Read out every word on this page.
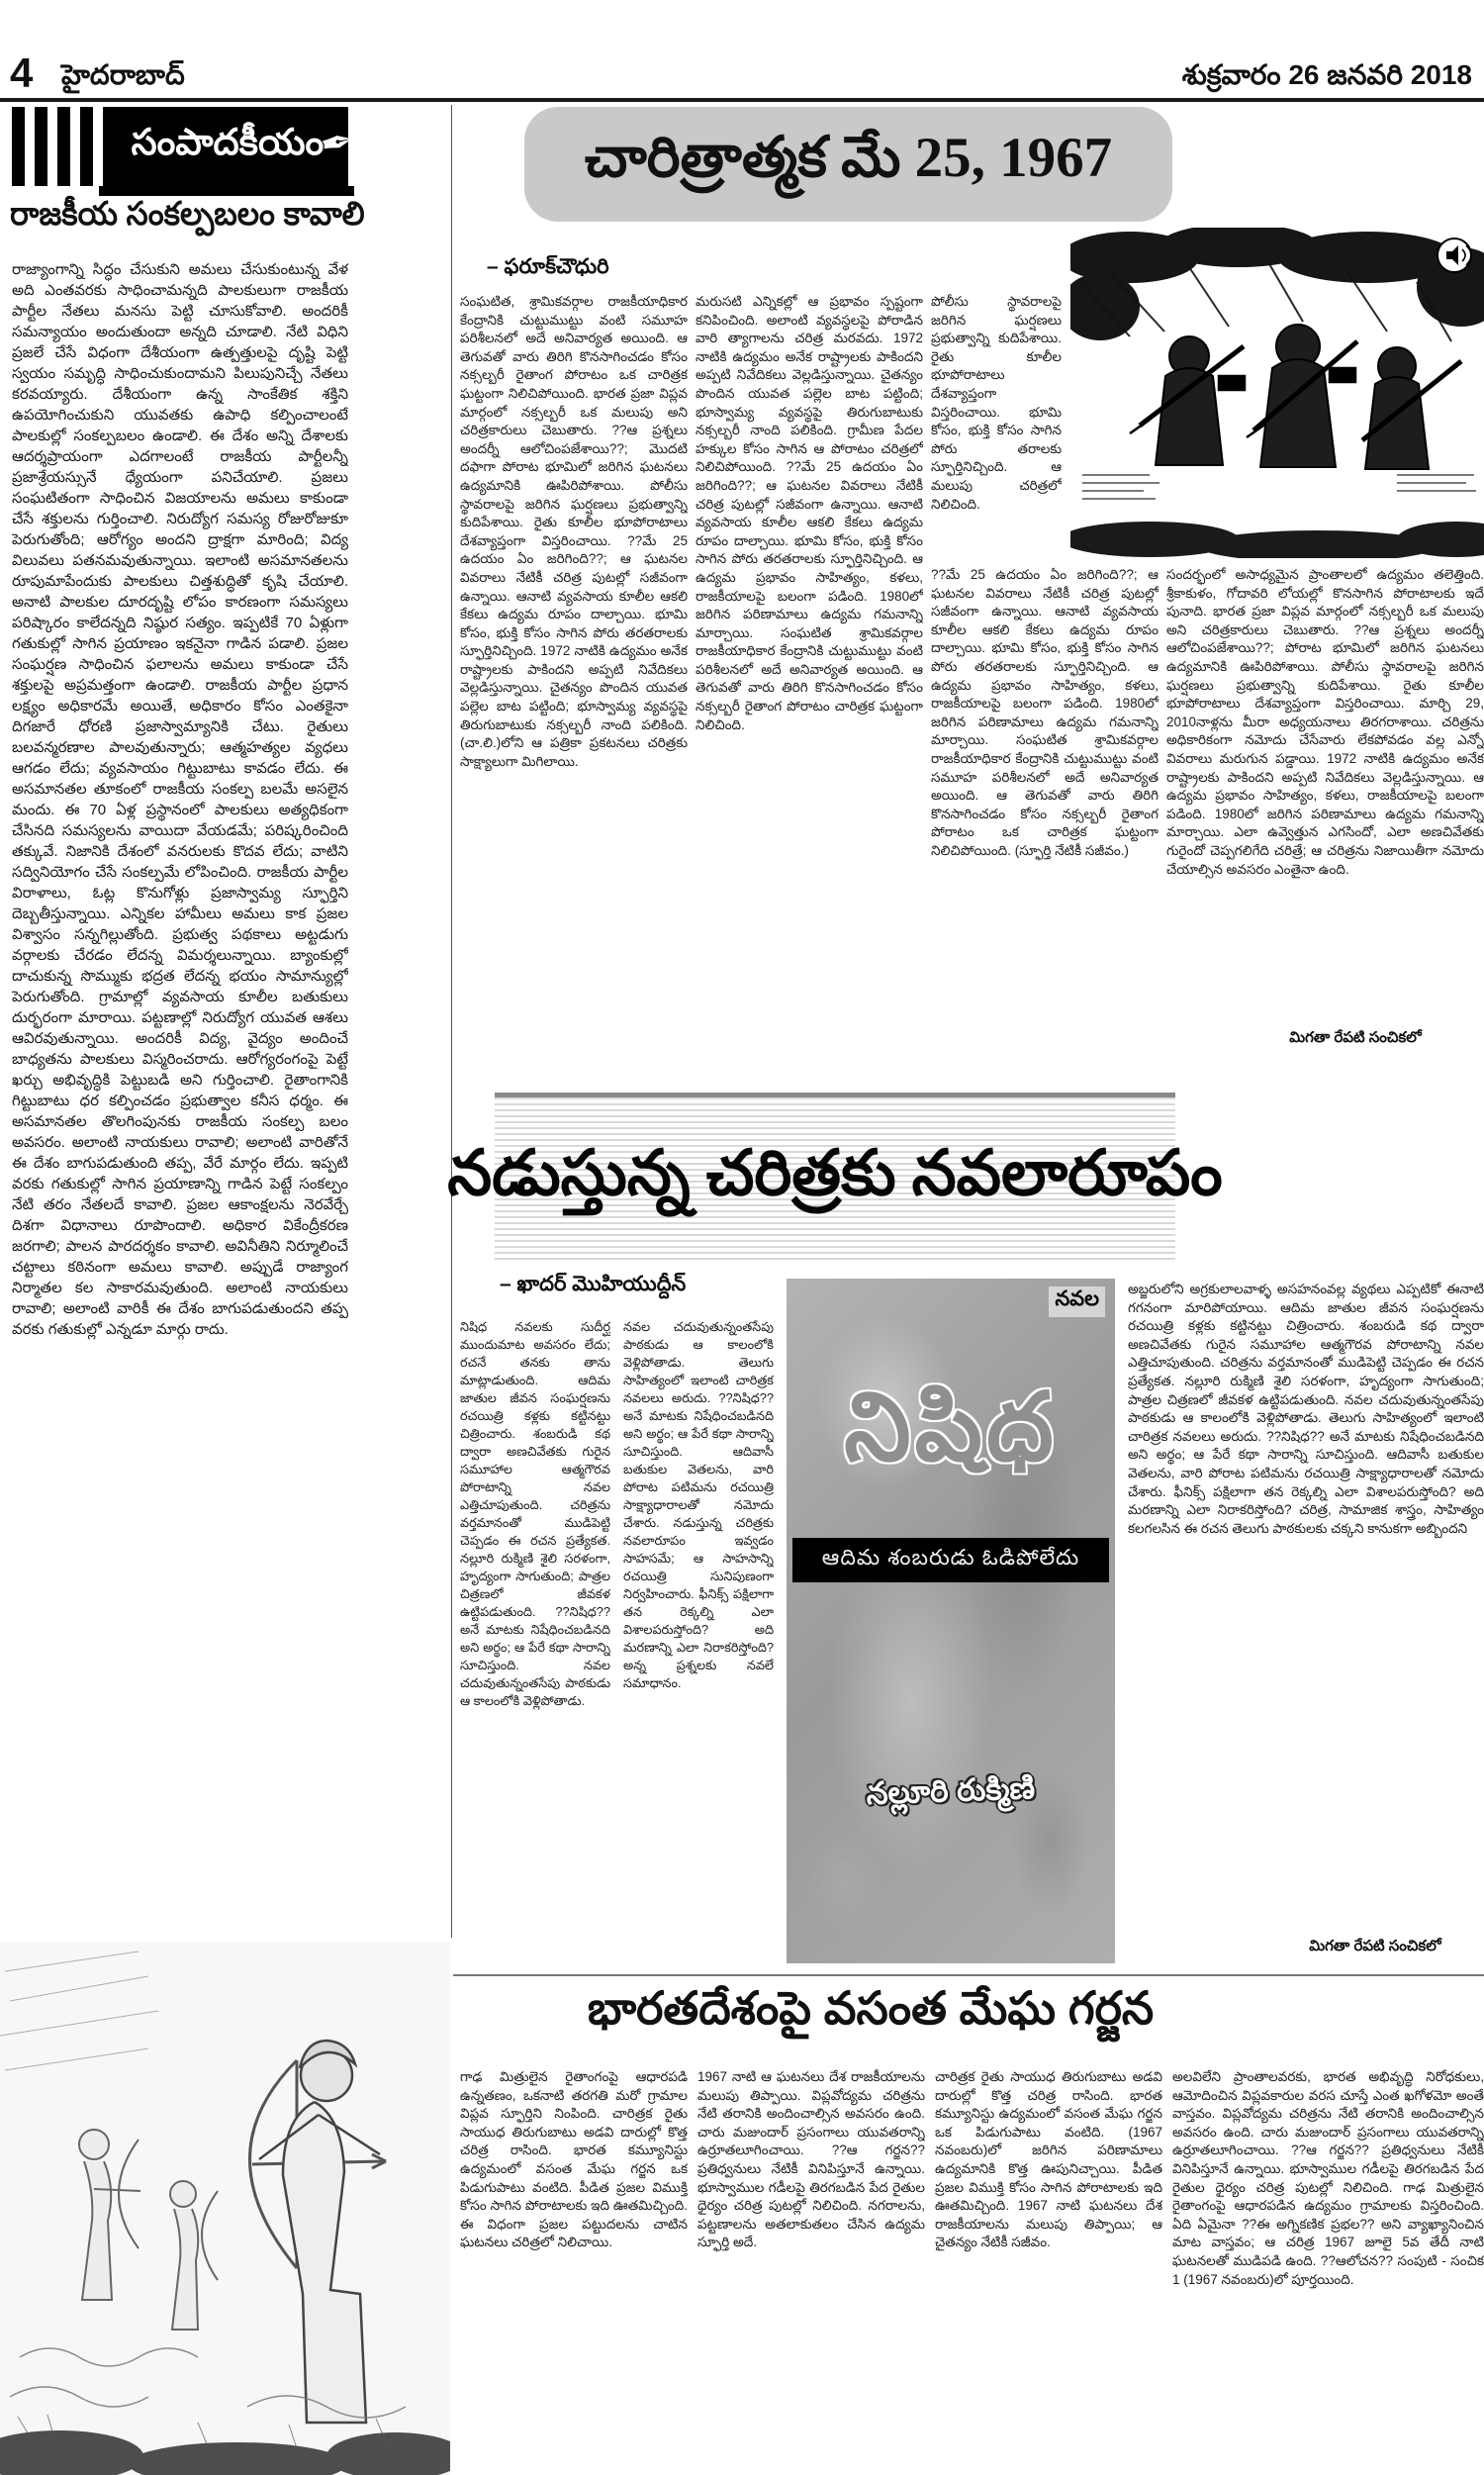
4 హైదరాబాద్	శుక్రవారం 26 జనవరి 2018
సంపాదకీయం
✒
రాజకీయ సంకల్పబలం కావాలి
రాజ్యాంగాన్ని సిద్ధం చేసుకుని అమలు చేసుకుంటున్న వేళ అది ఎంతవరకు సాధించామన్నది పాలకులుగా రాజకీయ పార్టీల నేతలు మనసు పెట్టి చూసుకోవాలి. అందరికీ సమన్యాయం అందుతుందా అన్నది చూడాలి. నేటి విధిని ప్రజలే చేసే విధంగా దేశీయంగా ఉత్పత్తులపై దృష్టి పెట్టి స్వయం సమృద్ధి సాధించుకుందామని పిలుపునిచ్చే నేతలు కరవయ్యారు. దేశీయంగా ఉన్న సాంకేతిక శక్తిని ఉపయోగించుకుని యువతకు ఉపాధి కల్పించాలంటే పాలకుల్లో సంకల్పబలం ఉండాలి. ఈ దేశం అన్ని దేశాలకు ఆదర్శప్రాయంగా ఎదగాలంటే రాజకీయ పార్టీలన్నీ ప్రజాశ్రేయస్సునే ధ్యేయంగా పనిచేయాలి. ప్రజలు సంఘటితంగా సాధించిన విజయాలను అమలు కాకుండా చేసే శక్తులను గుర్తించాలి. నిరుద్యోగ సమస్య రోజురోజుకూ పెరుగుతోంది; ఆరోగ్యం అందని ద్రాక్షగా మారింది; విద్య విలువలు పతనమవుతున్నాయి. ఇలాంటి అసమానతలను రూపుమాపేందుకు పాలకులు చిత్తశుద్ధితో కృషి చేయాలి. అనాటి పాలకుల దూరదృష్టి లోపం కారణంగా సమస్యలు పరిష్కారం కాలేదన్నది నిష్ఠుర సత్యం. ఇప్పటికే 70 ఏళ్లుగా గతుకుల్లో సాగిన ప్రయాణం ఇకనైనా గాడిన పడాలి. ప్రజల సంఘర్షణ సాధించిన ఫలాలను అమలు కాకుండా చేసే శక్తులపై అప్రమత్తంగా ఉండాలి. రాజకీయ పార్టీల ప్రధాన లక్ష్యం అధికారమే అయితే, అధికారం కోసం ఎంతకైనా దిగజారే ధోరణి ప్రజాస్వామ్యానికి చేటు. రైతులు బలవన్మరణాల పాలవుతున్నారు; ఆత్మహత్యల వ్యధలు ఆగడం లేదు; వ్యవసాయం గిట్టుబాటు కావడం లేదు. ఈ అసమానతల తూకంలో రాజకీయ సంకల్ప బలమే అసలైన మందు. ఈ 70 ఏళ్ల ప్రస్థానంలో పాలకులు అత్యధికంగా చేసినది సమస్యలను వాయిదా వేయడమే; పరిష్కరించింది తక్కువే. నిజానికి దేశంలో వనరులకు కొదవ లేదు; వాటిని సద్వినియోగం చేసే సంకల్పమే లోపించింది. రాజకీయ పార్టీల విరాళాలు, ఓట్ల కొనుగోళ్లు ప్రజాస్వామ్య స్ఫూర్తిని దెబ్బతీస్తున్నాయి. ఎన్నికల హామీలు అమలు కాక ప్రజల విశ్వాసం సన్నగిల్లుతోంది. ప్రభుత్వ పథకాలు అట్టడుగు వర్గాలకు చేరడం లేదన్న విమర్శలున్నాయి. బ్యాంకుల్లో దాచుకున్న సొమ్ముకు భద్రత లేదన్న భయం సామాన్యుల్లో పెరుగుతోంది. గ్రామాల్లో వ్యవసాయ కూలీల బతుకులు దుర్భరంగా మారాయి. పట్టణాల్లో నిరుద్యోగ యువత ఆశలు ఆవిరవుతున్నాయి. అందరికీ విద్య, వైద్యం అందించే బాధ్యతను పాలకులు విస్మరించరాదు. ఆరోగ్యరంగంపై పెట్టే ఖర్చు అభివృద్ధికి పెట్టుబడి అని గుర్తించాలి. రైతాంగానికి గిట్టుబాటు ధర కల్పించడం ప్రభుత్వాల కనీస ధర్మం. ఈ అసమానతల తొలగింపునకు రాజకీయ సంకల్ప బలం అవసరం. అలాంటి నాయకులు రావాలి; అలాంటి వారితోనే ఈ దేశం బాగుపడుతుంది తప్ప, వేరే మార్గం లేదు. ఇప్పటి వరకు గతుకుల్లో సాగిన ప్రయాణాన్ని గాడిన పెట్టే సంకల్పం నేటి తరం నేతలదే కావాలి. ప్రజల ఆకాంక్షలను నెరవేర్చే దిశగా విధానాలు రూపొందాలి. అధికార వికేంద్రీకరణ జరగాలి; పాలన పారదర్శకం కావాలి. అవినీతిని నిర్మూలించే చట్టాలు కఠినంగా అమలు కావాలి. అప్పుడే రాజ్యాంగ నిర్మాతల కల సాకారమవుతుంది. అలాంటి నాయకులు రావాలి; అలాంటి వారికీ ఈ దేశం బాగుపడుతుందని తప్ప వరకు గతుకుల్లో ఎన్నడూ మార్గు రాదు.
చారిత్రాత్మక మే 25, 1967
– ఫరూక్‌చౌధురి
సంఘటిత, శ్రామికవర్గాల రాజకీయాధికార కేంద్రానికి చుట్టుముట్టు వంటి సమూహ పరిశీలనలో అదే అనివార్యత అయింది. ఆ తెగువతో వారు తిరిగి కొనసాగించడం కోసం నక్సల్బరీ రైతాంగ పోరాటం ఒక చారిత్రక ఘట్టంగా నిలిచిపోయింది. భారత ప్రజా విప్లవ మార్గంలో నక్సల్బరీ ఒక మలుపు అని చరిత్రకారులు చెబుతారు. ??ఆ ప్రశ్నలు అందర్నీ ఆలోచింపజేశాయి??; మొదటి దఫాగా పోరాట భూమిలో జరిగిన ఘటనలు ఉద్యమానికి ఊపిరిపోశాయి. పోలీసు స్థావరాలపై జరిగిన ఘర్షణలు ప్రభుత్వాన్ని కుదిపేశాయి. రైతు కూలీల భూపోరాటాలు దేశవ్యాప్తంగా విస్తరించాయి. ??మే 25 ఉదయం ఏం జరిగింది??; ఆ ఘటనల వివరాలు నేటికీ చరిత్ర పుటల్లో సజీవంగా ఉన్నాయి. ఆనాటి వ్యవసాయ కూలీల ఆకలి కేకలు ఉద్యమ రూపం దాల్చాయి. భూమి కోసం, భుక్తి కోసం సాగిన పోరు తరతరాలకు స్ఫూర్తినిచ్చింది. 1972 నాటికి ఉద్యమం అనేక రాష్ట్రాలకు పాకిందని అప్పటి నివేదికలు వెల్లడిస్తున్నాయి. చైతన్యం పొందిన యువత పల్లెల బాట పట్టింది; భూస్వామ్య వ్యవస్థపై తిరుగుబాటుకు నక్సల్బరీ నాంది పలికింది. (చా.లి.)లోని ఆ పత్రికా ప్రకటనలు చరిత్రకు సాక్ష్యాలుగా మిగిలాయి.
మరుసటి ఎన్నికల్లో ఆ ప్రభావం స్పష్టంగా కనిపించింది. అలాంటి వ్యవస్థలపై పోరాడిన వారి త్యాగాలను చరిత్ర మరవదు. 1972 నాటికి ఉద్యమం అనేక రాష్ట్రాలకు పాకిందని అప్పటి నివేదికలు వెల్లడిస్తున్నాయి. చైతన్యం పొందిన యువత పల్లెల బాట పట్టింది; భూస్వామ్య వ్యవస్థపై తిరుగుబాటుకు నక్సల్బరీ నాంది పలికింది. గ్రామీణ పేదల హక్కుల కోసం సాగిన ఆ పోరాటం చరిత్రలో నిలిచిపోయింది. ??మే 25 ఉదయం ఏం జరిగింది??; ఆ ఘటనల వివరాలు నేటికీ చరిత్ర పుటల్లో సజీవంగా ఉన్నాయి. ఆనాటి వ్యవసాయ కూలీల ఆకలి కేకలు ఉద్యమ రూపం దాల్చాయి. భూమి కోసం, భుక్తి కోసం సాగిన పోరు తరతరాలకు స్ఫూర్తినిచ్చింది. ఆ ఉద్యమ ప్రభావం సాహిత్యం, కళలు, రాజకీయాలపై బలంగా పడింది. 1980లో జరిగిన పరిణామాలు ఉద్యమ గమనాన్ని మార్చాయి. సంఘటిత శ్రామికవర్గాల రాజకీయాధికార కేంద్రానికి చుట్టుముట్టు వంటి పరిశీలనలో అదే అనివార్యత అయింది. ఆ తెగువతో వారు తిరిగి కొనసాగించడం కోసం నక్సల్బరీ రైతాంగ పోరాటం చారిత్రక ఘట్టంగా నిలిచింది.
పోలీసు స్థావరాలపై జరిగిన ఘర్షణలు ప్రభుత్వాన్ని కుదిపేశాయి. రైతు కూలీల భూపోరాటాలు దేశవ్యాప్తంగా విస్తరించాయి. భూమి కోసం, భుక్తి కోసం సాగిన పోరు తరాలకు స్ఫూర్తినిచ్చింది. ఆ మలుపు చరిత్రలో నిలిచింది.
??మే 25 ఉదయం ఏం జరిగింది??; ఆ ఘటనల వివరాలు నేటికీ చరిత్ర పుటల్లో సజీవంగా ఉన్నాయి. ఆనాటి వ్యవసాయ కూలీల ఆకలి కేకలు ఉద్యమ రూపం దాల్చాయి. భూమి కోసం, భుక్తి కోసం సాగిన పోరు తరతరాలకు స్ఫూర్తినిచ్చింది. ఆ ఉద్యమ ప్రభావం సాహిత్యం, కళలు, రాజకీయాలపై బలంగా పడింది. 1980లో జరిగిన పరిణామాలు ఉద్యమ గమనాన్ని మార్చాయి. సంఘటిత శ్రామికవర్గాల రాజకీయాధికార కేంద్రానికి చుట్టుముట్టు వంటి సమూహ పరిశీలనలో అదే అనివార్యత అయింది. ఆ తెగువతో వారు తిరిగి కొనసాగించడం కోసం నక్సల్బరీ రైతాంగ పోరాటం ఒక చారిత్రక ఘట్టంగా నిలిచిపోయింది. (స్ఫూర్తి నేటికీ సజీవం.)
సందర్భంలో అసాధ్యమైన ప్రాంతాలలో ఉద్యమం తలెత్తింది. శ్రీకాకుళం, గోదావరి లోయల్లో కొనసాగిన పోరాటాలకు ఇదే పునాది. భారత ప్రజా విప్లవ మార్గంలో నక్సల్బరీ ఒక మలుపు అని చరిత్రకారులు చెబుతారు. ??ఆ ప్రశ్నలు అందర్నీ ఆలోచింపజేశాయి??; పోరాట భూమిలో జరిగిన ఘటనలు ఉద్యమానికి ఊపిరిపోశాయి. పోలీసు స్థావరాలపై జరిగిన ఘర్షణలు ప్రభుత్వాన్ని కుదిపేశాయి. రైతు కూలీల భూపోరాటాలు దేశవ్యాప్తంగా విస్తరించాయి. మార్చి 29, 2010నాళ్లను మీరా అధ్యయనాలు తిరగరాశాయి. చరిత్రను అధికారికంగా నమోదు చేసేవారు లేకపోవడం వల్ల ఎన్నో వివరాలు మరుగున పడ్డాయి. 1972 నాటికి ఉద్యమం అనేక రాష్ట్రాలకు పాకిందని అప్పటి నివేదికలు వెల్లడిస్తున్నాయి. ఆ ఉద్యమ ప్రభావం సాహిత్యం, కళలు, రాజకీయాలపై బలంగా పడింది. 1980లో జరిగిన పరిణామాలు ఉద్యమ గమనాన్ని మార్చాయి. ఎలా ఉవ్వెత్తున ఎగసిందో, ఎలా అణచివేతకు గురైందో చెప్పగలిగేది చరిత్రే; ఆ చరిత్రను నిజాయితీగా నమోదు చేయాల్సిన అవసరం ఎంతైనా ఉంది.
మిగతా రేపటి సంచికలో
నడుస్తున్న చరిత్రకు నవలారూపం
– ఖాదర్ మొహియుద్దీన్
నవల
నిషిధ
ఆదిమ శంబరుడు ఓడిపోలేదు
నల్లూరి రుక్మిణి
నిషిధ నవలకు సుదీర్ఘ ముందుమాట అవసరం లేదు; రచనే తనకు తాను మాట్లాడుతుంది. ఆదిమ జాతుల జీవన సంఘర్షణను రచయిత్రి కళ్లకు కట్టినట్టు చిత్రించారు. శంబరుడి కథ ద్వారా అణచివేతకు గురైన సమూహాల ఆత్మగౌరవ పోరాటాన్ని నవల ఎత్తిచూపుతుంది. చరిత్రను వర్తమానంతో ముడిపెట్టి చెప్పడం ఈ రచన ప్రత్యేకత. నల్లూరి రుక్మిణి శైలి సరళంగా, హృద్యంగా సాగుతుంది; పాత్రల చిత్రణలో జీవకళ ఉట్టిపడుతుంది. ??నిషిధ?? అనే మాటకు నిషేధించబడినది అని అర్థం; ఆ పేరే కథా సారాన్ని సూచిస్తుంది. నవల చదువుతున్నంతసేపు పాఠకుడు ఆ కాలంలోకి వెళ్లిపోతాడు.
నవల చదువుతున్నంతసేపు పాఠకుడు ఆ కాలంలోకి వెళ్లిపోతాడు. తెలుగు సాహిత్యంలో ఇలాంటి చారిత్రక నవలలు అరుదు. ??నిషిధ?? అనే మాటకు నిషేధించబడినది అని అర్థం; ఆ పేరే కథా సారాన్ని సూచిస్తుంది. ఆదివాసీ బతుకుల వెతలను, వారి పోరాట పటిమను రచయిత్రి సాక్ష్యాధారాలతో నమోదు చేశారు. నడుస్తున్న చరిత్రకు నవలారూపం ఇవ్వడం సాహసమే; ఆ సాహసాన్ని రచయిత్రి సునిపుణంగా నిర్వహించారు. ఫీనిక్స్ పక్షిలాగా తన రెక్కల్ని ఎలా విశాలపరుస్తోంది? అది మరణాన్ని ఎలా నిరాకరిస్తోంది? అన్న ప్రశ్నలకు నవలే సమాధానం.
అబ్జరులోని అగ్రకులాలవాళ్ళ అసహనంవల్ల వ్యథలు ఎప్పటికో ఈనాటి గగనంగా మారిపోయాయి. ఆదిమ జాతుల జీవన సంఘర్షణను రచయిత్రి కళ్లకు కట్టినట్టు చిత్రించారు. శంబరుడి కథ ద్వారా అణచివేతకు గురైన సమూహాల ఆత్మగౌరవ పోరాటాన్ని నవల ఎత్తిచూపుతుంది. చరిత్రను వర్తమానంతో ముడిపెట్టి చెప్పడం ఈ రచన ప్రత్యేకత. నల్లూరి రుక్మిణి శైలి సరళంగా, హృద్యంగా సాగుతుంది; పాత్రల చిత్రణలో జీవకళ ఉట్టిపడుతుంది. నవల చదువుతున్నంతసేపు పాఠకుడు ఆ కాలంలోకి వెళ్లిపోతాడు. తెలుగు సాహిత్యంలో ఇలాంటి చారిత్రక నవలలు అరుదు. ??నిషిధ?? అనే మాటకు నిషేధించబడినది అని అర్థం; ఆ పేరే కథా సారాన్ని సూచిస్తుంది. ఆదివాసీ బతుకుల వెతలను, వారి పోరాట పటిమను రచయిత్రి సాక్ష్యాధారాలతో నమోదు చేశారు. ఫీనిక్స్ పక్షిలాగా తన రెక్కల్ని ఎలా విశాలపరుస్తోంది? అది మరణాన్ని ఎలా నిరాకరిస్తోంది? చరిత్ర, సామాజిక శాస్త్రం, సాహిత్యం కలగలసిన ఈ రచన తెలుగు పాఠకులకు చక్కని కానుకగా అబ్బిందని
మిగతా రేపటి సంచికలో
భారతదేశంపై వసంత మేఘ గర్జన
గాఢ మిత్రులైన రైతాంగంపై ఆధారపడి ఉన్నతణం, ఒకనాటి తరగతి మరో గ్రామాల విప్లవ స్ఫూర్తిని నింపింది. చారిత్రక రైతు సాయుధ తిరుగుబాటు అడవి దారుల్లో కొత్త చరిత్ర రాసింది. భారత కమ్యూనిస్టు ఉద్యమంలో వసంత మేఘ గర్జన ఒక పిడుగుపాటు వంటిది. పీడిత ప్రజల విముక్తి కోసం సాగిన పోరాటాలకు ఇది ఊతమిచ్చింది. ఈ విధంగా ప్రజల పట్టుదలను చాటిన ఘటనలు చరిత్రలో నిలిచాయి.
1967 నాటి ఆ ఘటనలు దేశ రాజకీయాలను మలుపు తిప్పాయి. విప్లవోద్యమ చరిత్రను నేటి తరానికి అందించాల్సిన అవసరం ఉంది. చారు మజుందార్ ప్రసంగాలు యువతరాన్ని ఉర్రూతలూగించాయి. ??ఆ గర్జన?? ప్రతిధ్వనులు నేటికీ వినిపిస్తూనే ఉన్నాయి. భూస్వాముల గడీలపై తిరగబడిన పేద రైతుల ధైర్యం చరిత్ర పుటల్లో నిలిచింది. నగరాలను, పట్టణాలను అతలాకుతలం చేసిన ఉద్యమ స్ఫూర్తి అదే.
చారిత్రక రైతు సాయుధ తిరుగుబాటు అడవి దారుల్లో కొత్త చరిత్ర రాసింది. భారత కమ్యూనిస్టు ఉద్యమంలో వసంత మేఘ గర్జన ఒక పిడుగుపాటు వంటిది. (1967 నవంబరు)లో జరిగిన పరిణామాలు ఉద్యమానికి కొత్త ఊపునిచ్చాయి. పీడిత ప్రజల విముక్తి కోసం సాగిన పోరాటాలకు ఇది ఊతమిచ్చింది. 1967 నాటి ఘటనలు దేశ రాజకీయాలను మలుపు తిప్పాయి; ఆ చైతన్యం నేటికీ సజీవం.
అలవిలేని ప్రాంతాలవరకు, భారత అభివృద్ధి నిరోధకులు, ఆమోదించిన విప్లవకారుల వరస చూస్తే ఎంత ఖగోళమో అంతే వాస్తవం. విప్లవోద్యమ చరిత్రను నేటి తరానికి అందించాల్సిన అవసరం ఉంది. చారు మజుందార్ ప్రసంగాలు యువతరాన్ని ఉర్రూతలూగించాయి. ??ఆ గర్జన?? ప్రతిధ్వనులు నేటికీ వినిపిస్తూనే ఉన్నాయి. భూస్వాముల గడీలపై తిరగబడిన పేద రైతుల ధైర్యం చరిత్ర పుటల్లో నిలిచింది. గాఢ మిత్రులైన రైతాంగంపై ఆధారపడిన ఉద్యమం గ్రామాలకు విస్తరించింది. ఏది ఏమైనా ??ఈ అగ్నికణిక ప్రభల?? అని వ్యాఖ్యానించిన మాట వాస్తవం; ఆ చరిత్ర 1967 జూలై 5వ తేదీ నాటి ఘటనలతో ముడిపడి ఉంది. ??ఆలోచన?? సంపుటి - సంచిక 1 (1967 నవంబరు)లో పూర్తయింది.
